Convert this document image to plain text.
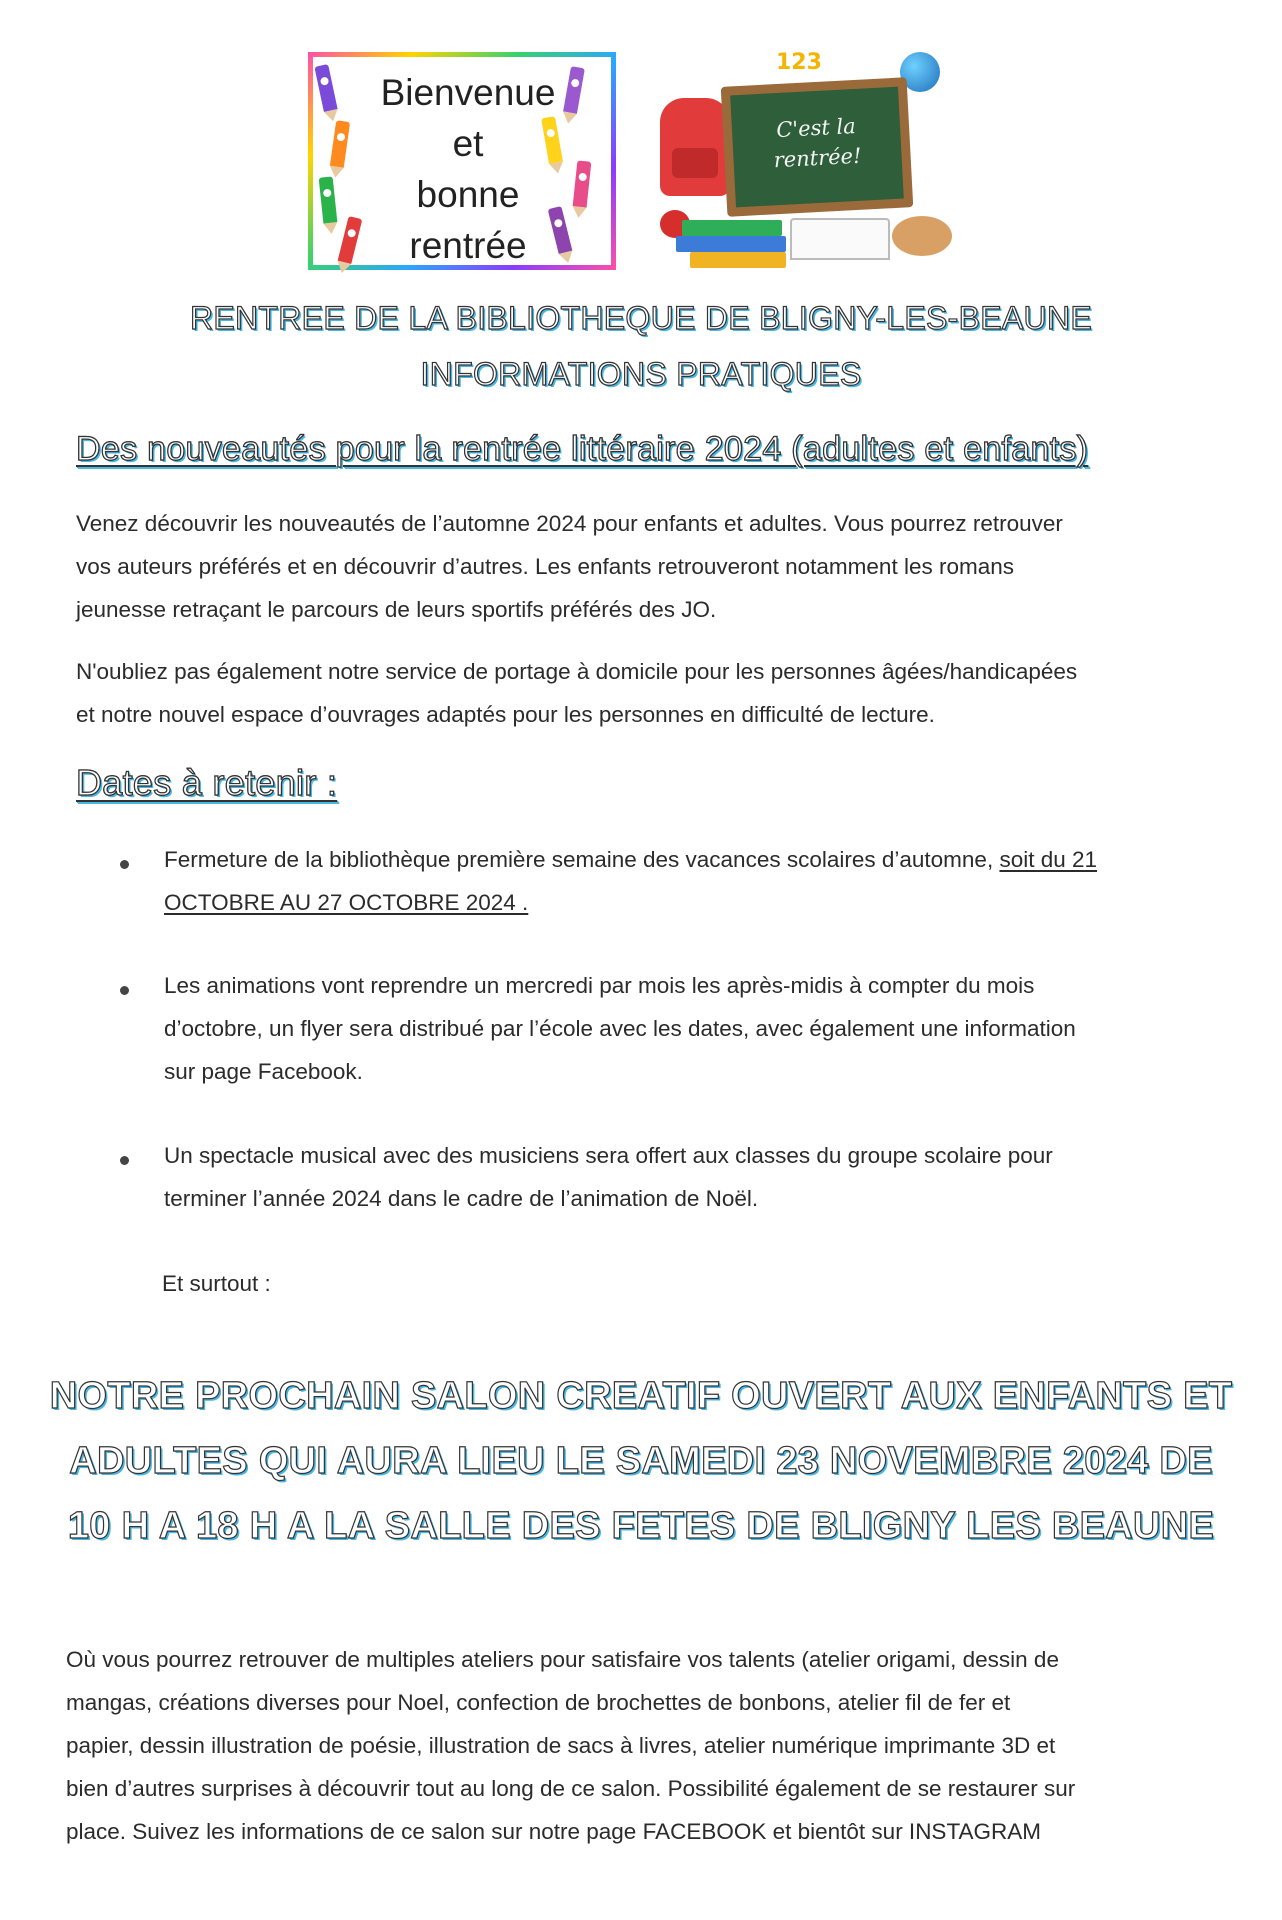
Bienvenue
et
bonne
rentrée
123
C'est la
rentrée!
RENTREE DE LA BIBLIOTHEQUE DE BLIGNY-LES-BEAUNE
INFORMATIONS PRATIQUES
Des nouveautés pour la rentrée littéraire 2024 (adultes et enfants)
Venez découvrir les nouveautés de l’automne 2024 pour enfants et adultes. Vous pourrez retrouver
vos auteurs préférés et en découvrir d’autres. Les enfants retrouveront notamment les romans
jeunesse retraçant le parcours de leurs sportifs préférés des JO.
N'oubliez pas également notre service de portage à domicile pour les personnes âgées/handicapées
et notre nouvel espace d’ouvrages adaptés pour les personnes en difficulté de lecture.
Dates à retenir :
Fermeture de la bibliothèque première semaine des vacances scolaires d’automne, soit du 21
OCTOBRE AU 27 OCTOBRE 2024 .
Les animations vont reprendre un mercredi par mois les après-midis à compter du mois
d’octobre, un flyer sera distribué par l’école avec les dates, avec également une information
sur page Facebook.
Un spectacle musical avec des musiciens sera offert aux classes du groupe scolaire pour
terminer l’année 2024 dans le cadre de l’animation de Noël.
Et surtout :
NOTRE PROCHAIN SALON CREATIF OUVERT AUX ENFANTS ET
ADULTES QUI AURA LIEU LE SAMEDI 23 NOVEMBRE 2024 DE
10 H A 18 H A LA SALLE DES FETES DE BLIGNY LES BEAUNE
Où vous pourrez retrouver de multiples ateliers pour satisfaire vos talents (atelier origami, dessin de
mangas, créations diverses pour Noel, confection de brochettes de bonbons, atelier fil de fer et
papier, dessin illustration de poésie, illustration de sacs à livres, atelier numérique imprimante 3D et
bien d’autres surprises à découvrir tout au long de ce salon. Possibilité également de se restaurer sur
place. Suivez les informations de ce salon sur notre page FACEBOOK et bientôt sur INSTAGRAM
